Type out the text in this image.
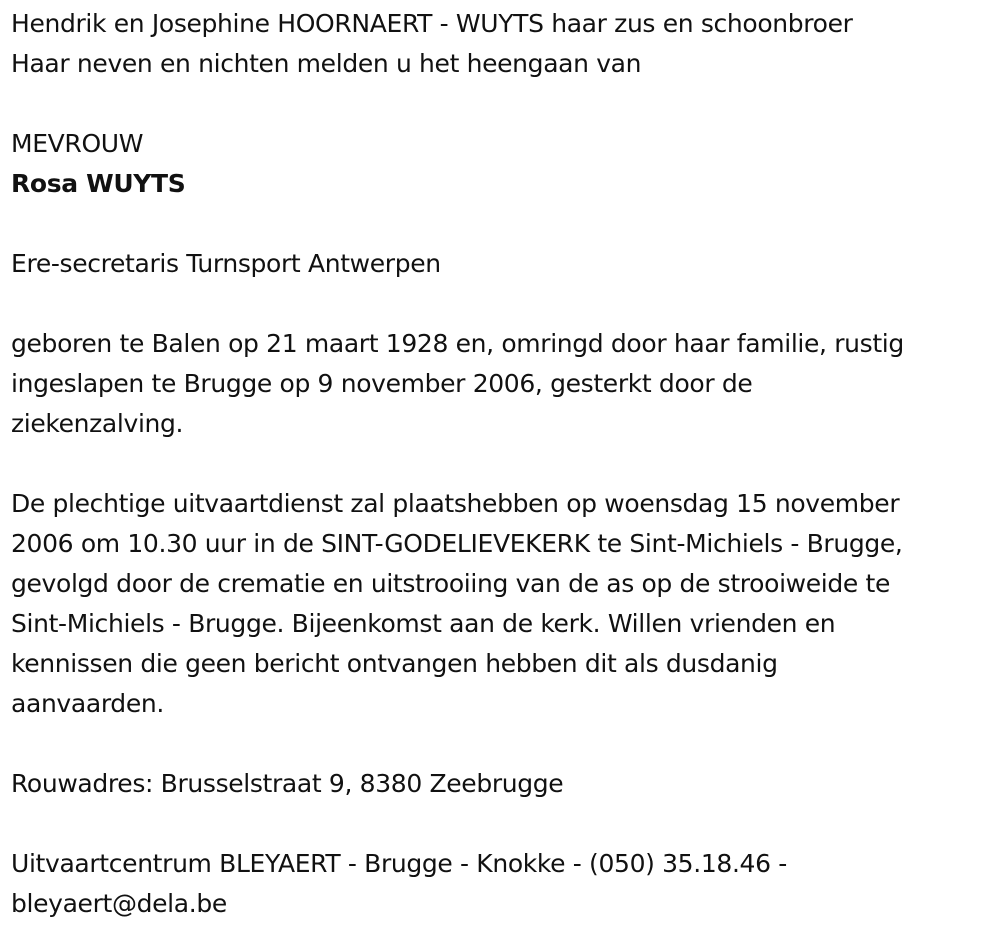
Hendrik en Josephine HOORNAERT - WUYTS haar zus en schoonbroer
Haar neven en nichten melden u het heengaan van
MEVROUW
Rosa WUYTS
Ere-secretaris Turnsport Antwerpen
geboren te Balen op 21 maart 1928 en, omringd door haar familie, rustig
ingeslapen te Brugge op 9 november 2006, gesterkt door de
ziekenzalving.
De plechtige uitvaartdienst zal plaatshebben op woensdag 15 november
2006 om 10.30 uur in de SINT-GODELIEVEKERK te Sint-Michiels - Brugge,
gevolgd door de crematie en uitstrooiing van de as op de strooiweide te
Sint-Michiels - Brugge. Bijeenkomst aan de kerk. Willen vrienden en
kennissen die geen bericht ontvangen hebben dit als dusdanig
aanvaarden.
Rouwadres: Brusselstraat 9, 8380 Zeebrugge
Uitvaartcentrum BLEYAERT - Brugge - Knokke - (050) 35.18.46 -
bleyaert@dela.be
